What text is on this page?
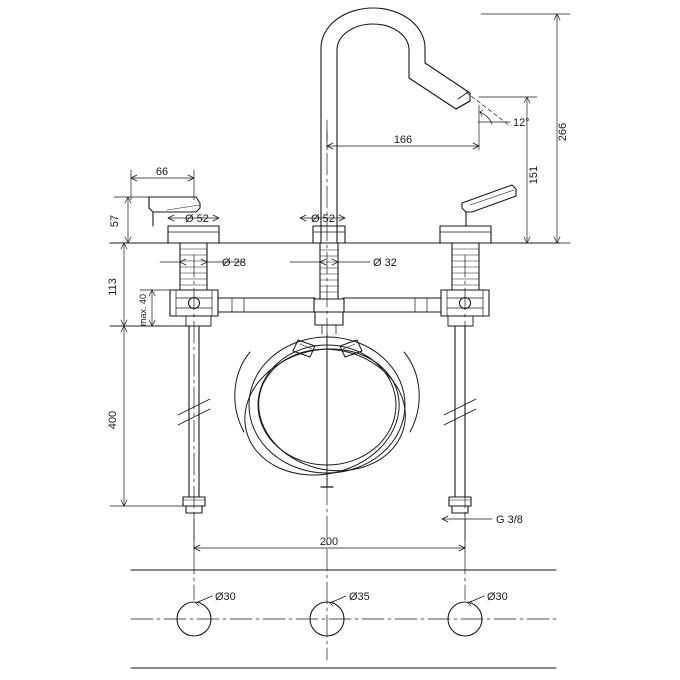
266
151
166
12°
66
57
113
max. 40
400
200
Ø 52	Ø 52
Ø 28	Ø 32
G 3/8
Ø30	Ø35	Ø30
